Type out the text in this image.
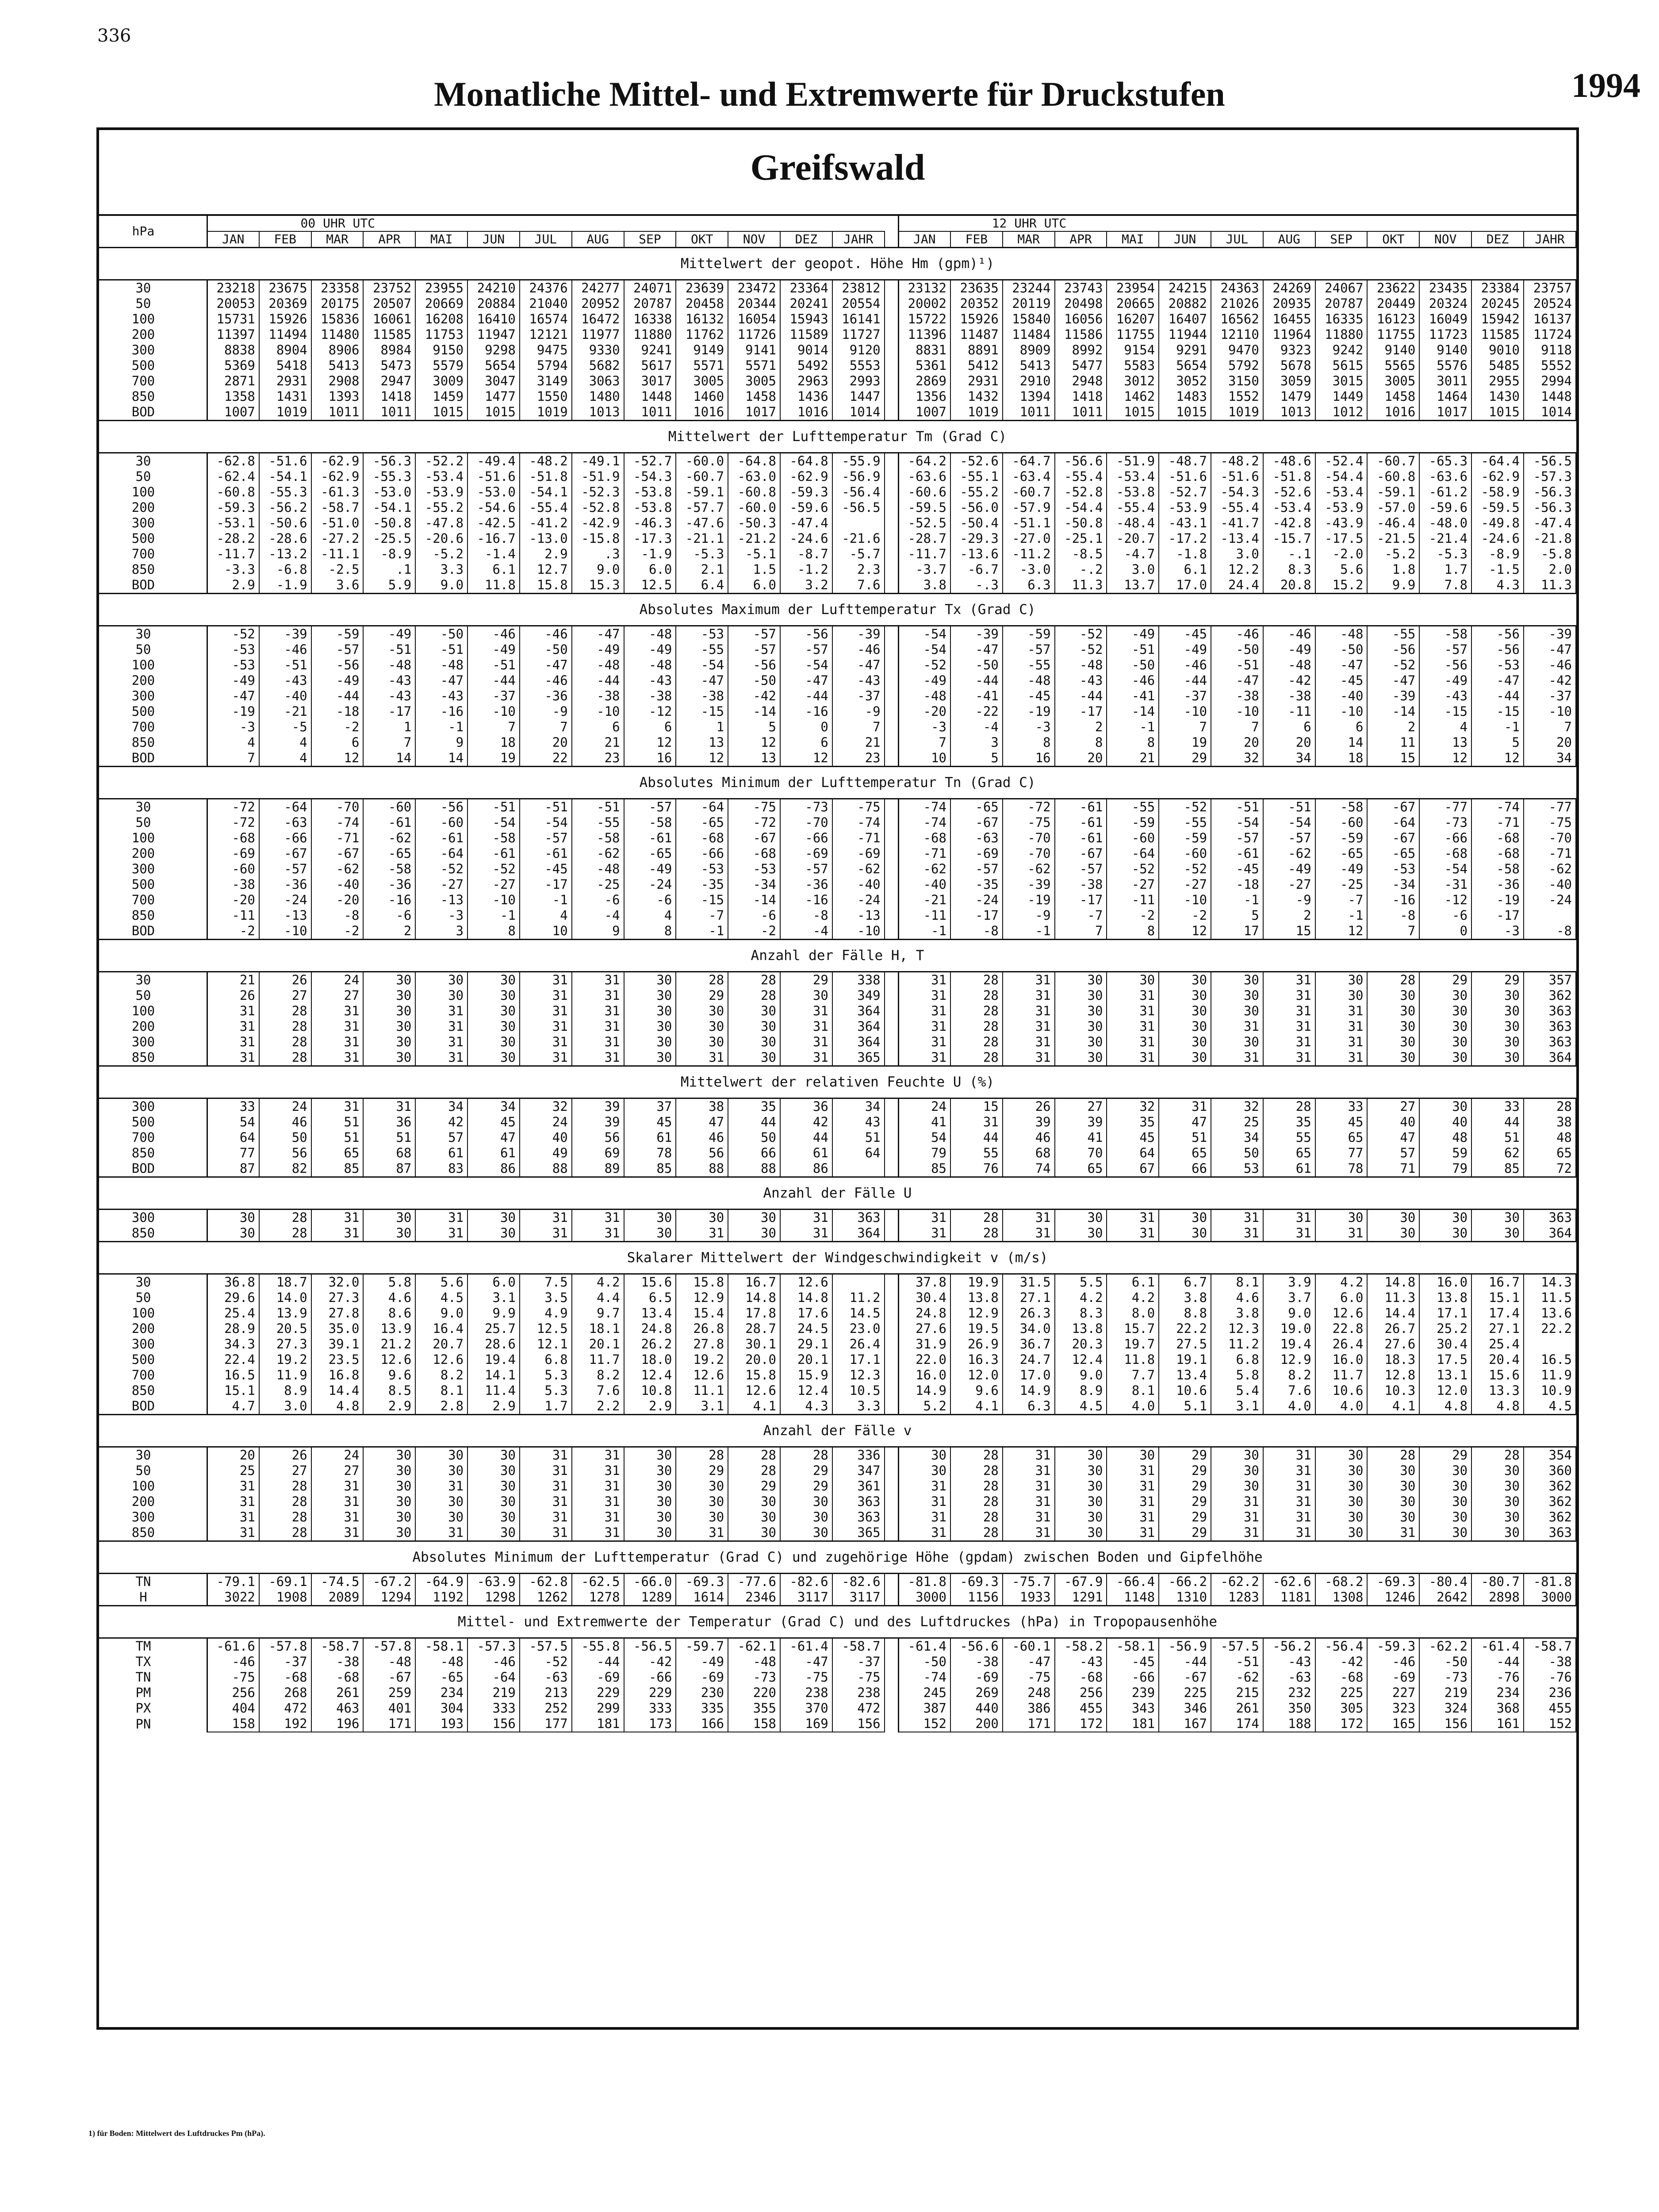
336
Monatliche Mittel- und Extremwerte für Druckstufen	1994
Greifswald
hPa		00 UHR UTC														12 UHR UTC												
		JAN	FEB	MAR	APR	MAI	JUN	JUL	AUG	SEP	OKT	NOV	DEZ	JAHR		JAN	FEB	MAR	APR	MAI	JUN	JUL	AUG	SEP	OKT	NOV	DEZ	JAHR
Mittelwert der geopot. Höhe Hm (gpm)¹)																												
30		23218	23675	23358	23752	23955	24210	24376	24277	24071	23639	23472	23364	23812		23132	23635	23244	23743	23954	24215	24363	24269	24067	23622	23435	23384	23757
50		20053	20369	20175	20507	20669	20884	21040	20952	20787	20458	20344	20241	20554		20002	20352	20119	20498	20665	20882	21026	20935	20787	20449	20324	20245	20524
100		15731	15926	15836	16061	16208	16410	16574	16472	16338	16132	16054	15943	16141		15722	15926	15840	16056	16207	16407	16562	16455	16335	16123	16049	15942	16137
200		11397	11494	11480	11585	11753	11947	12121	11977	11880	11762	11726	11589	11727		11396	11487	11484	11586	11755	11944	12110	11964	11880	11755	11723	11585	11724
300		8838	8904	8906	8984	9150	9298	9475	9330	9241	9149	9141	9014	9120		8831	8891	8909	8992	9154	9291	9470	9323	9242	9140	9140	9010	9118
500		5369	5418	5413	5473	5579	5654	5794	5682	5617	5571	5571	5492	5553		5361	5412	5413	5477	5583	5654	5792	5678	5615	5565	5576	5485	5552
700		2871	2931	2908	2947	3009	3047	3149	3063	3017	3005	3005	2963	2993		2869	2931	2910	2948	3012	3052	3150	3059	3015	3005	3011	2955	2994
850		1358	1431	1393	1418	1459	1477	1550	1480	1448	1460	1458	1436	1447		1356	1432	1394	1418	1462	1483	1552	1479	1449	1458	1464	1430	1448
BOD		1007	1019	1011	1011	1015	1015	1019	1013	1011	1016	1017	1016	1014		1007	1019	1011	1011	1015	1015	1019	1013	1012	1016	1017	1015	1014
Mittelwert der Lufttemperatur Tm (Grad C)																												
30		-62.8	-51.6	-62.9	-56.3	-52.2	-49.4	-48.2	-49.1	-52.7	-60.0	-64.8	-64.8	-55.9		-64.2	-52.6	-64.7	-56.6	-51.9	-48.7	-48.2	-48.6	-52.4	-60.7	-65.3	-64.4	-56.5
50		-62.4	-54.1	-62.9	-55.3	-53.4	-51.6	-51.8	-51.9	-54.3	-60.7	-63.0	-62.9	-56.9		-63.6	-55.1	-63.4	-55.4	-53.4	-51.6	-51.6	-51.8	-54.4	-60.8	-63.6	-62.9	-57.3
100		-60.8	-55.3	-61.3	-53.0	-53.9	-53.0	-54.1	-52.3	-53.8	-59.1	-60.8	-59.3	-56.4		-60.6	-55.2	-60.7	-52.8	-53.8	-52.7	-54.3	-52.6	-53.4	-59.1	-61.2	-58.9	-56.3
200		-59.3	-56.2	-58.7	-54.1	-55.2	-54.6	-55.4	-52.8	-53.8	-57.7	-60.0	-59.6	-56.5		-59.5	-56.0	-57.9	-54.4	-55.4	-53.9	-55.4	-53.4	-53.9	-57.0	-59.6	-59.5	-56.3
300		-53.1	-50.6	-51.0	-50.8	-47.8	-42.5	-41.2	-42.9	-46.3	-47.6	-50.3	-47.4			-52.5	-50.4	-51.1	-50.8	-48.4	-43.1	-41.7	-42.8	-43.9	-46.4	-48.0	-49.8	-47.4
500		-28.2	-28.6	-27.2	-25.5	-20.6	-16.7	-13.0	-15.8	-17.3	-21.1	-21.2	-24.6	-21.6		-28.7	-29.3	-27.0	-25.1	-20.7	-17.2	-13.4	-15.7	-17.5	-21.5	-21.4	-24.6	-21.8
700		-11.7	-13.2	-11.1	-8.9	-5.2	-1.4	2.9	.3	-1.9	-5.3	-5.1	-8.7	-5.7		-11.7	-13.6	-11.2	-8.5	-4.7	-1.8	3.0	-.1	-2.0	-5.2	-5.3	-8.9	-5.8
850		-3.3	-6.8	-2.5	.1	3.3	6.1	12.7	9.0	6.0	2.1	1.5	-1.2	2.3		-3.7	-6.7	-3.0	-.2	3.0	6.1	12.2	8.3	5.6	1.8	1.7	-1.5	2.0
BOD		2.9	-1.9	3.6	5.9	9.0	11.8	15.8	15.3	12.5	6.4	6.0	3.2	7.6		3.8	-.3	6.3	11.3	13.7	17.0	24.4	20.8	15.2	9.9	7.8	4.3	11.3
Absolutes Maximum der Lufttemperatur Tx (Grad C)																												
30		-52	-39	-59	-49	-50	-46	-46	-47	-48	-53	-57	-56	-39		-54	-39	-59	-52	-49	-45	-46	-46	-48	-55	-58	-56	-39
50		-53	-46	-57	-51	-51	-49	-50	-49	-49	-55	-57	-57	-46		-54	-47	-57	-52	-51	-49	-50	-49	-50	-56	-57	-56	-47
100		-53	-51	-56	-48	-48	-51	-47	-48	-48	-54	-56	-54	-47		-52	-50	-55	-48	-50	-46	-51	-48	-47	-52	-56	-53	-46
200		-49	-43	-49	-43	-47	-44	-46	-44	-43	-47	-50	-47	-43		-49	-44	-48	-43	-46	-44	-47	-42	-45	-47	-49	-47	-42
300		-47	-40	-44	-43	-43	-37	-36	-38	-38	-38	-42	-44	-37		-48	-41	-45	-44	-41	-37	-38	-38	-40	-39	-43	-44	-37
500		-19	-21	-18	-17	-16	-10	-9	-10	-12	-15	-14	-16	-9		-20	-22	-19	-17	-14	-10	-10	-11	-10	-14	-15	-15	-10
700		-3	-5	-2	1	-1	7	7	6	6	1	5	0	7		-3	-4	-3	2	-1	7	7	6	6	2	4	-1	7
850		4	4	6	7	9	18	20	21	12	13	12	6	21		7	3	8	8	8	19	20	20	14	11	13	5	20
BOD		7	4	12	14	14	19	22	23	16	12	13	12	23		10	5	16	20	21	29	32	34	18	15	12	12	34
Absolutes Minimum der Lufttemperatur Tn (Grad C)																												
30		-72	-64	-70	-60	-56	-51	-51	-51	-57	-64	-75	-73	-75		-74	-65	-72	-61	-55	-52	-51	-51	-58	-67	-77	-74	-77
50		-72	-63	-74	-61	-60	-54	-54	-55	-58	-65	-72	-70	-74		-74	-67	-75	-61	-59	-55	-54	-54	-60	-64	-73	-71	-75
100		-68	-66	-71	-62	-61	-58	-57	-58	-61	-68	-67	-66	-71		-68	-63	-70	-61	-60	-59	-57	-57	-59	-67	-66	-68	-70
200		-69	-67	-67	-65	-64	-61	-61	-62	-65	-66	-68	-69	-69		-71	-69	-70	-67	-64	-60	-61	-62	-65	-65	-68	-68	-71
300		-60	-57	-62	-58	-52	-52	-45	-48	-49	-53	-53	-57	-62		-62	-57	-62	-57	-52	-52	-45	-49	-49	-53	-54	-58	-62
500		-38	-36	-40	-36	-27	-27	-17	-25	-24	-35	-34	-36	-40		-40	-35	-39	-38	-27	-27	-18	-27	-25	-34	-31	-36	-40
700		-20	-24	-20	-16	-13	-10	-1	-6	-6	-15	-14	-16	-24		-21	-24	-19	-17	-11	-10	-1	-9	-7	-16	-12	-19	-24
850		-11	-13	-8	-6	-3	-1	4	-4	4	-7	-6	-8	-13		-11	-17	-9	-7	-2	-2	5	2	-1	-8	-6	-17	
BOD		-2	-10	-2	2	3	8	10	9	8	-1	-2	-4	-10		-1	-8	-1	7	8	12	17	15	12	7	0	-3	-8
Anzahl der Fälle H, T																												
30		21	26	24	30	30	30	31	31	30	28	28	29	338		31	28	31	30	30	30	30	31	30	28	29	29	357
50		26	27	27	30	30	30	31	31	30	29	28	30	349		31	28	31	30	31	30	30	31	30	30	30	30	362
100		31	28	31	30	31	30	31	31	30	30	30	31	364		31	28	31	30	31	30	30	31	31	30	30	30	363
200		31	28	31	30	31	30	31	31	30	30	30	31	364		31	28	31	30	31	30	31	31	31	30	30	30	363
300		31	28	31	30	31	30	31	31	30	30	30	31	364		31	28	31	30	31	30	30	31	31	30	30	30	363
850		31	28	31	30	31	30	31	31	30	31	30	31	365		31	28	31	30	31	30	31	31	31	30	30	30	364
Mittelwert der relativen Feuchte U (%)																												
300		33	24	31	31	34	34	32	39	37	38	35	36	34		24	15	26	27	32	31	32	28	33	27	30	33	28
500		54	46	51	36	42	45	24	39	45	47	44	42	43		41	31	39	39	35	47	25	35	45	40	40	44	38
700		64	50	51	51	57	47	40	56	61	46	50	44	51		54	44	46	41	45	51	34	55	65	47	48	51	48
850		77	56	65	68	61	61	49	69	78	56	66	61	64		79	55	68	70	64	65	50	65	77	57	59	62	65
BOD		87	82	85	87	83	86	88	89	85	88	88	86			85	76	74	65	67	66	53	61	78	71	79	85	72
Anzahl der Fälle U																												
300		30	28	31	30	31	30	31	31	30	30	30	31	363		31	28	31	30	31	30	31	31	30	30	30	30	363
850		30	28	31	30	31	30	31	31	30	31	30	31	364		31	28	31	30	31	30	31	31	31	30	30	30	364
Skalarer Mittelwert der Windgeschwindigkeit v (m/s)																												
30		36.8	18.7	32.0	5.8	5.6	6.0	7.5	4.2	15.6	15.8	16.7	12.6			37.8	19.9	31.5	5.5	6.1	6.7	8.1	3.9	4.2	14.8	16.0	16.7	14.3
50		29.6	14.0	27.3	4.6	4.5	3.1	3.5	4.4	6.5	12.9	14.8	14.8	11.2		30.4	13.8	27.1	4.2	4.2	3.8	4.6	3.7	6.0	11.3	13.8	15.1	11.5
100		25.4	13.9	27.8	8.6	9.0	9.9	4.9	9.7	13.4	15.4	17.8	17.6	14.5		24.8	12.9	26.3	8.3	8.0	8.8	3.8	9.0	12.6	14.4	17.1	17.4	13.6
200		28.9	20.5	35.0	13.9	16.4	25.7	12.5	18.1	24.8	26.8	28.7	24.5	23.0		27.6	19.5	34.0	13.8	15.7	22.2	12.3	19.0	22.8	26.7	25.2	27.1	22.2
300		34.3	27.3	39.1	21.2	20.7	28.6	12.1	20.1	26.2	27.8	30.1	29.1	26.4		31.9	26.9	36.7	20.3	19.7	27.5	11.2	19.4	26.4	27.6	30.4	25.4	
500		22.4	19.2	23.5	12.6	12.6	19.4	6.8	11.7	18.0	19.2	20.0	20.1	17.1		22.0	16.3	24.7	12.4	11.8	19.1	6.8	12.9	16.0	18.3	17.5	20.4	16.5
700		16.5	11.9	16.8	9.6	8.2	14.1	5.3	8.2	12.4	12.6	15.8	15.9	12.3		16.0	12.0	17.0	9.0	7.7	13.4	5.8	8.2	11.7	12.8	13.1	15.6	11.9
850		15.1	8.9	14.4	8.5	8.1	11.4	5.3	7.6	10.8	11.1	12.6	12.4	10.5		14.9	9.6	14.9	8.9	8.1	10.6	5.4	7.6	10.6	10.3	12.0	13.3	10.9
BOD		4.7	3.0	4.8	2.9	2.8	2.9	1.7	2.2	2.9	3.1	4.1	4.3	3.3		5.2	4.1	6.3	4.5	4.0	5.1	3.1	4.0	4.0	4.1	4.8	4.8	4.5
Anzahl der Fälle v																												
30		20	26	24	30	30	30	31	31	30	28	28	28	336		30	28	31	30	30	29	30	31	30	28	29	28	354
50		25	27	27	30	30	30	31	31	30	29	28	29	347		30	28	31	30	31	29	30	31	30	30	30	30	360
100		31	28	31	30	31	30	31	31	30	30	29	29	361		31	28	31	30	31	29	30	31	30	30	30	30	362
200		31	28	31	30	30	30	31	31	30	30	30	30	363		31	28	31	30	31	29	31	31	30	30	30	30	362
300		31	28	31	30	30	30	31	31	30	30	30	30	363		31	28	31	30	31	29	31	31	30	30	30	30	362
850		31	28	31	30	31	30	31	31	30	31	30	30	365		31	28	31	30	31	29	31	31	30	31	30	30	363
Absolutes Minimum der Lufttemperatur (Grad C) und zugehörige Höhe (gpdam) zwischen Boden und Gipfelhöhe																												
TN		-79.1	-69.1	-74.5	-67.2	-64.9	-63.9	-62.8	-62.5	-66.0	-69.3	-77.6	-82.6	-82.6		-81.8	-69.3	-75.7	-67.9	-66.4	-66.2	-62.2	-62.6	-68.2	-69.3	-80.4	-80.7	-81.8
H		3022	1908	2089	1294	1192	1298	1262	1278	1289	1614	2346	3117	3117		3000	1156	1933	1291	1148	1310	1283	1181	1308	1246	2642	2898	3000
Mittel- und Extremwerte der Temperatur (Grad C) und des Luftdruckes (hPa) in Tropopausenhöhe																												
TM		-61.6	-57.8	-58.7	-57.8	-58.1	-57.3	-57.5	-55.8	-56.5	-59.7	-62.1	-61.4	-58.7		-61.4	-56.6	-60.1	-58.2	-58.1	-56.9	-57.5	-56.2	-56.4	-59.3	-62.2	-61.4	-58.7
TX		-46	-37	-38	-48	-48	-46	-52	-44	-42	-49	-48	-47	-37		-50	-38	-47	-43	-45	-44	-51	-43	-42	-46	-50	-44	-38
TN		-75	-68	-68	-67	-65	-64	-63	-69	-66	-69	-73	-75	-75		-74	-69	-75	-68	-66	-67	-62	-63	-68	-69	-73	-76	-76
PM		256	268	261	259	234	219	213	229	229	230	220	238	238		245	269	248	256	239	225	215	232	225	227	219	234	236
PX		404	472	463	401	304	333	252	299	333	335	355	370	472		387	440	386	455	343	346	261	350	305	323	324	368	455
PN		158	192	196	171	193	156	177	181	173	166	158	169	156		152	200	171	172	181	167	174	188	172	165	156	161	152
1) für Boden: Mittelwert des Luftdruckes Pm (hPa).
